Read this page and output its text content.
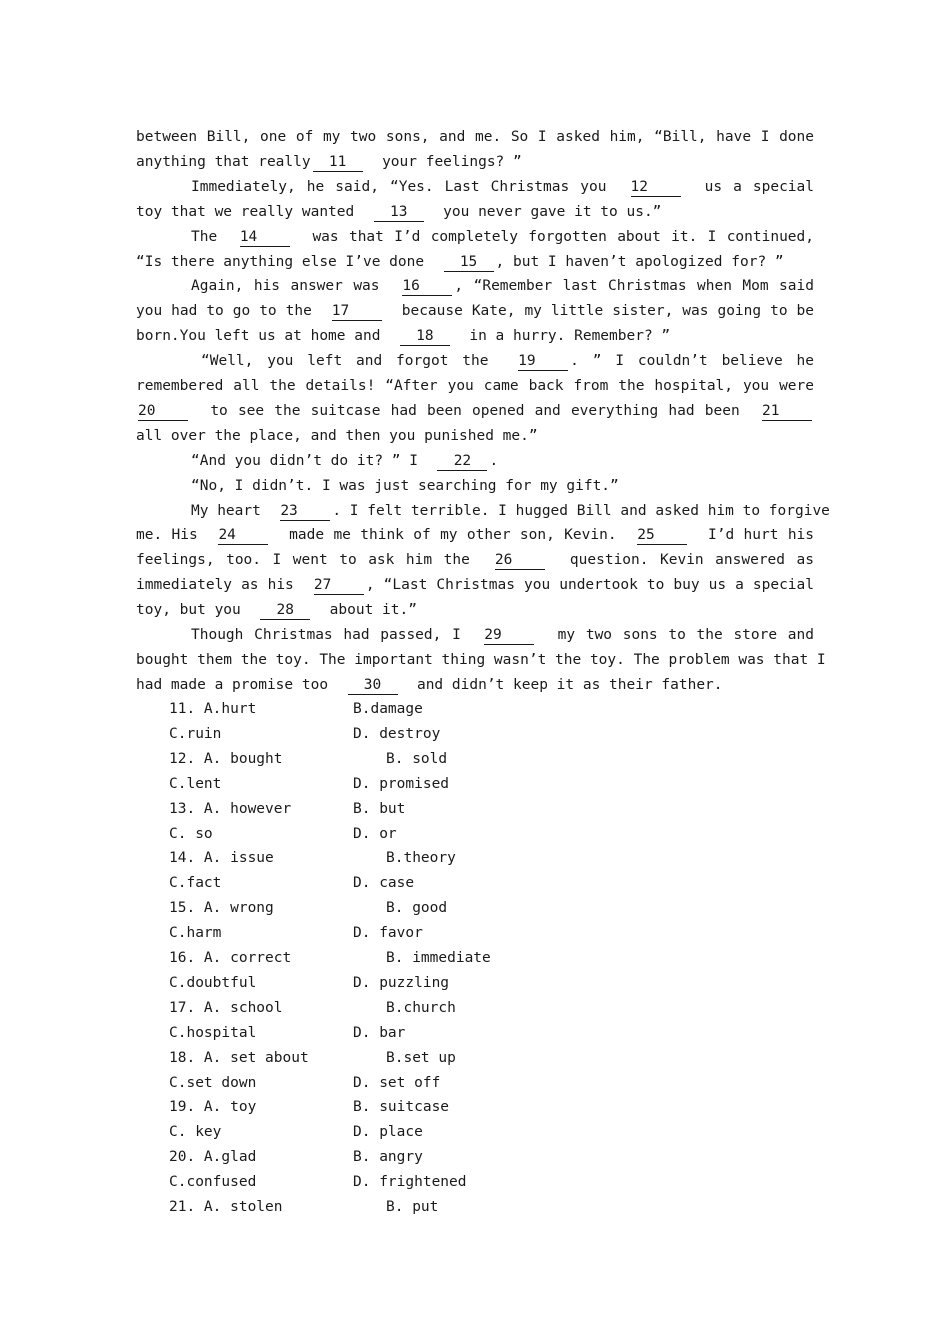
between Bill, one of my two sons, and me. So I asked him, “Bill, have I done
anything that really 11  your feelings? ”
Immediately, he said, “Yes. Last Christmas you  12  us a special
toy that we really wanted  13  you never gave it to us.”
The  14  was that I’d completely forgotten about it. I continued,
“Is there anything else I’ve done  15 , but I haven’t apologized for? ”
Again, his answer was  16 , “Remember last Christmas when Mom said
you had to go to the  17  because Kate, my little sister, was going to be
born.You left us at home and  18  in a hurry. Remember? ”
“Well, you left and forgot the  19 . ” I couldn’t believe he
remembered all the details! “After you came back from the hospital, you were
20  to see the suitcase had been opened and everything had been  21
all over the place, and then you punished me.”
“And you didn’t do it? ” I  22 .
“No, I didn’t. I was just searching for my gift.”
My heart  23 . I felt terrible. I hugged Bill and asked him to forgive
me. His  24  made me think of my other son, Kevin.  25  I’d hurt his
feelings, too. I went to ask him the  26  question. Kevin answered as
immediately as his  27 , “Last Christmas you undertook to buy us a special
toy, but you  28  about it.”
Though Christmas had passed, I  29  my two sons to the store and
bought them the toy. The important thing wasn’t the toy. The problem was that I
had made a promise too  30  and didn’t keep it as their father.
11. A.hurt	B.damage
C.ruin	D. destroy
12. A. bought	B. sold
C.lent	D. promised
13. A. however	B. but
C. so	D. or
14. A. issue	B.theory
C.fact	D. case
15. A. wrong	B. good
C.harm	D. favor
16. A. correct	B. immediate
C.doubtful	D. puzzling
17. A. school	B.church
C.hospital	D. bar
18. A. set about	B.set up
C.set down	D. set off
19. A. toy	B. suitcase
C. key	D. place
20. A.glad	B. angry
C.confused	D. frightened
21. A. stolen	B. put
